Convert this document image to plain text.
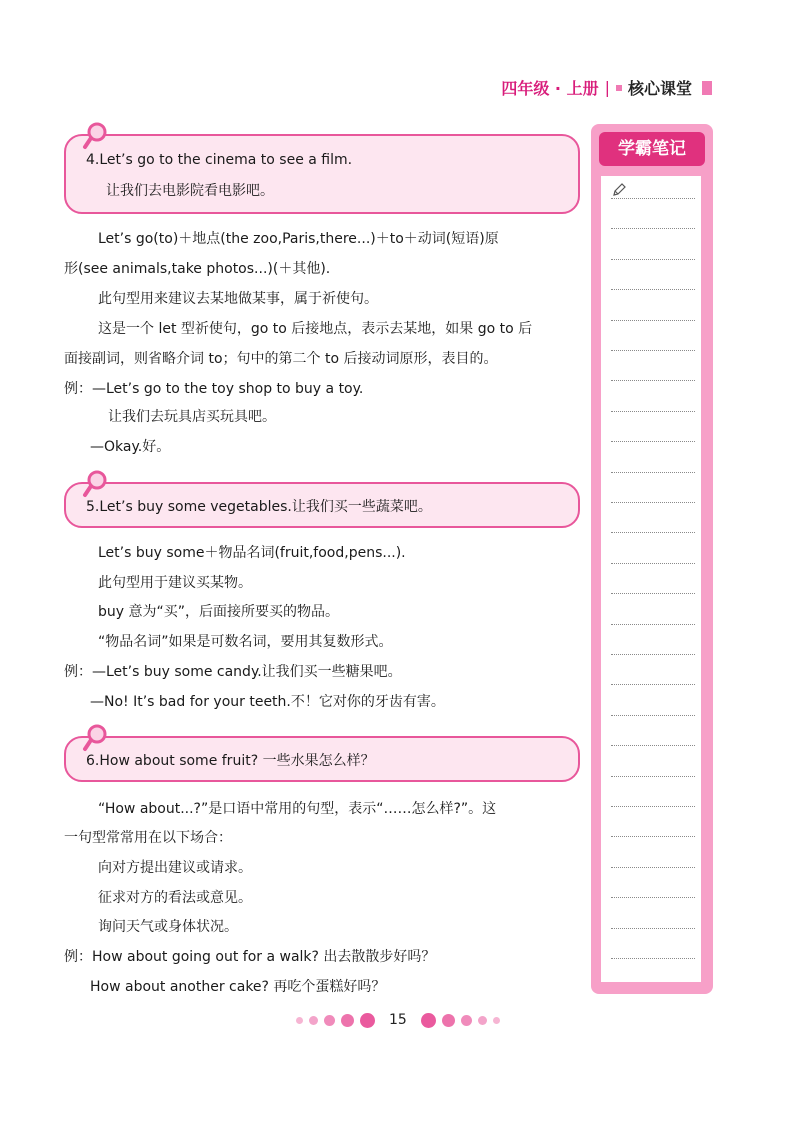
四年级 · 上册 | 核心课堂
4.Let’s go to the cinema to see a film.
让我们去电影院看电影吧。
Let’s go(to)＋地点(the zoo,Paris,there...)＋to＋动词(短语)原
形(see animals,take photos...)(＋其他).
此句型用来建议去某地做某事，属于祈使句。
这是一个 let 型祈使句，go to 后接地点，表示去某地，如果 go to 后
面接副词，则省略介词 to；句中的第二个 to 后接动词原形，表目的。
例：—Let’s go to the toy shop to buy a toy.
让我们去玩具店买玩具吧。
—Okay.好。
5.Let’s buy some vegetables.让我们买一些蔬菜吧。
Let’s buy some＋物品名词(fruit,food,pens...).
此句型用于建议买某物。
buy 意为“买”，后面接所要买的物品。
“物品名词”如果是可数名词，要用其复数形式。
例：—Let’s buy some candy.让我们买一些糖果吧。
—No! It’s bad for your teeth.不！它对你的牙齿有害。
6.How about some fruit? 一些水果怎么样？
“How about...?”是口语中常用的句型，表示“……怎么样?”。这
一句型常常用在以下场合：
向对方提出建议或请求。
征求对方的看法或意见。
询问天气或身体状况。
例：How about going out for a walk? 出去散散步好吗？
How about another cake? 再吃个蛋糕好吗？
学霸笔记
15
